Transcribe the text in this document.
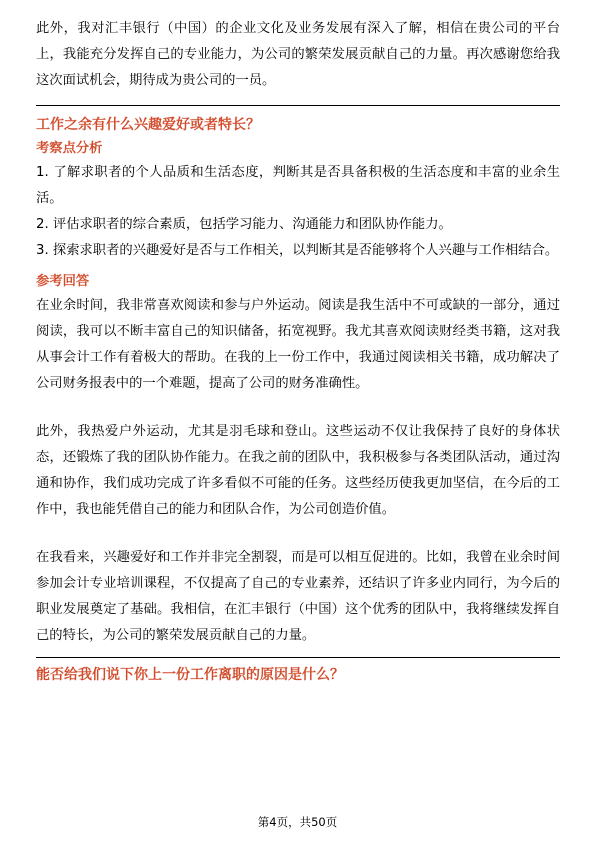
此外，我对汇丰银行（中国）的企业文化及业务发展有深入了解，相信在贵公司的平台上，我能充分发挥自己的专业能力，为公司的繁荣发展贡献自己的力量。再次感谢您给我这次面试机会，期待成为贵公司的一员。

工作之余有什么兴趣爱好或者特长？

考察点分析

1. 了解求职者的个人品质和生活态度，判断其是否具备积极的生活态度和丰富的业余生活。

2. 评估求职者的综合素质，包括学习能力、沟通能力和团队协作能力。

3. 探索求职者的兴趣爱好是否与工作相关，以判断其是否能够将个人兴趣与工作相结合。

参考回答

在业余时间，我非常喜欢阅读和参与户外运动。阅读是我生活中不可或缺的一部分，通过阅读，我可以不断丰富自己的知识储备，拓宽视野。我尤其喜欢阅读财经类书籍，这对我从事会计工作有着极大的帮助。在我的上一份工作中，我通过阅读相关书籍，成功解决了公司财务报表中的一个难题，提高了公司的财务准确性。

此外，我热爱户外运动，尤其是羽毛球和登山。这些运动不仅让我保持了良好的身体状态，还锻炼了我的团队协作能力。在我之前的团队中，我积极参与各类团队活动，通过沟通和协作，我们成功完成了许多看似不可能的任务。这些经历使我更加坚信，在今后的工作中，我也能凭借自己的能力和团队合作，为公司创造价值。

在我看来，兴趣爱好和工作并非完全割裂，而是可以相互促进的。比如，我曾在业余时间参加会计专业培训课程，不仅提高了自己的专业素养，还结识了许多业内同行，为今后的职业发展奠定了基础。我相信，在汇丰银行（中国）这个优秀的团队中，我将继续发挥自己的特长，为公司的繁荣发展贡献自己的力量。

能否给我们说下你上一份工作离职的原因是什么？

第4页，共50页
